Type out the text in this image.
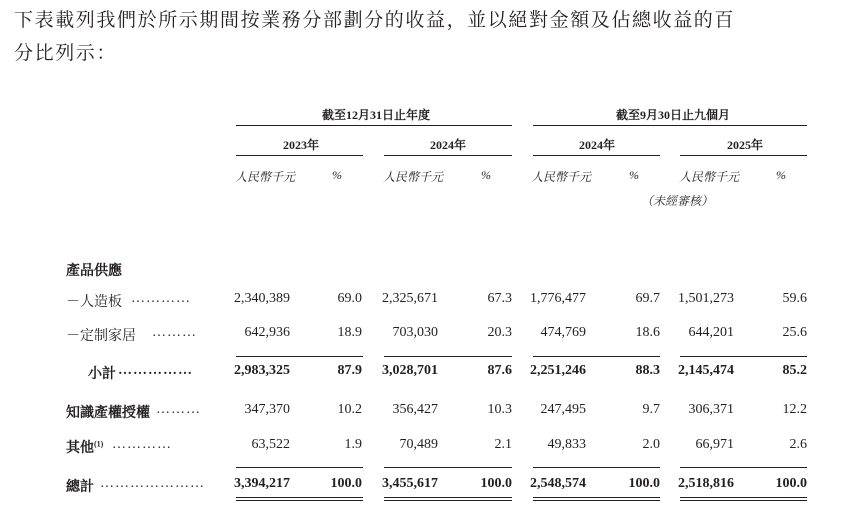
下表載列我們於所示期間按業務分部劃分的收益，並以絕對金額及佔總收益的百
分比列示：
截至12月31日止年度	截至9月30日止九個月
2023年	2024年	2024年	2025年
人民幣千元	%	人民幣千元	%	人民幣千元	%	人民幣千元	%
（未經審核）
產品供應
－人造板 …………	2,340,389	69.0	2,325,671	67.3	1,776,477	69.7	1,501,273	59.6
－定制家居 ………	642,936	18.9	703,030	20.3	474,769	18.6	644,201	25.6
小計 ……………	2,983,325	87.9	3,028,701	87.6	2,251,246	88.3	2,145,474	85.2
知識產權授權 ………	347,370	10.2	356,427	10.3	247,495	9.7	306,371	12.2
其他$^{(1)}$ …………	63,522	1.9	70,489	2.1	49,833	2.0	66,971	2.6
總計 …………………	3,394,217	100.0	3,455,617	100.0	2,548,574	100.0	2,518,816	100.0
